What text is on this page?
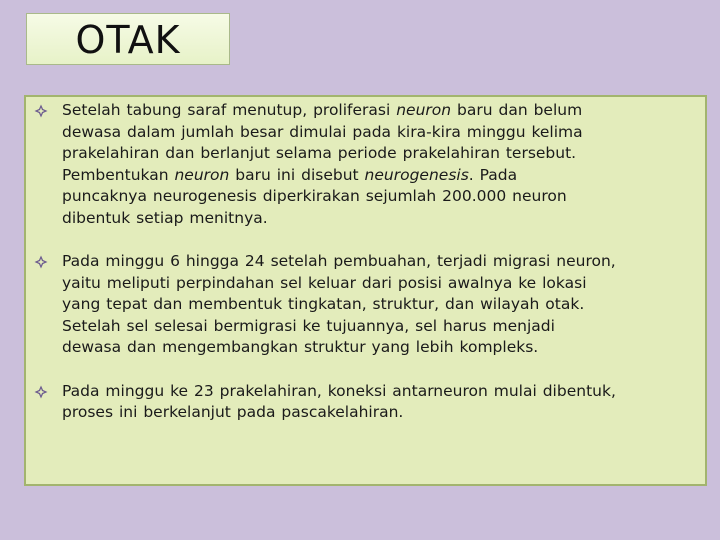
OTAK
Setelah tabung saraf menutup, proliferasi neuron baru dan belum
dewasa dalam jumlah besar dimulai pada kira-kira minggu kelima
prakelahiran dan berlanjut selama periode prakelahiran tersebut.
Pembentukan neuron baru ini disebut neurogenesis. Pada
puncaknya neurogenesis diperkirakan sejumlah 200.000 neuron
dibentuk setiap menitnya.
Pada minggu 6 hingga 24 setelah pembuahan, terjadi migrasi neuron,
yaitu meliputi perpindahan sel keluar dari posisi awalnya ke lokasi
yang tepat dan membentuk tingkatan, struktur, dan wilayah otak.
Setelah sel selesai bermigrasi ke tujuannya, sel harus menjadi
dewasa dan mengembangkan struktur yang lebih kompleks.
Pada minggu ke 23 prakelahiran, koneksi antarneuron mulai dibentuk,
proses ini berkelanjut pada pascakelahiran.
